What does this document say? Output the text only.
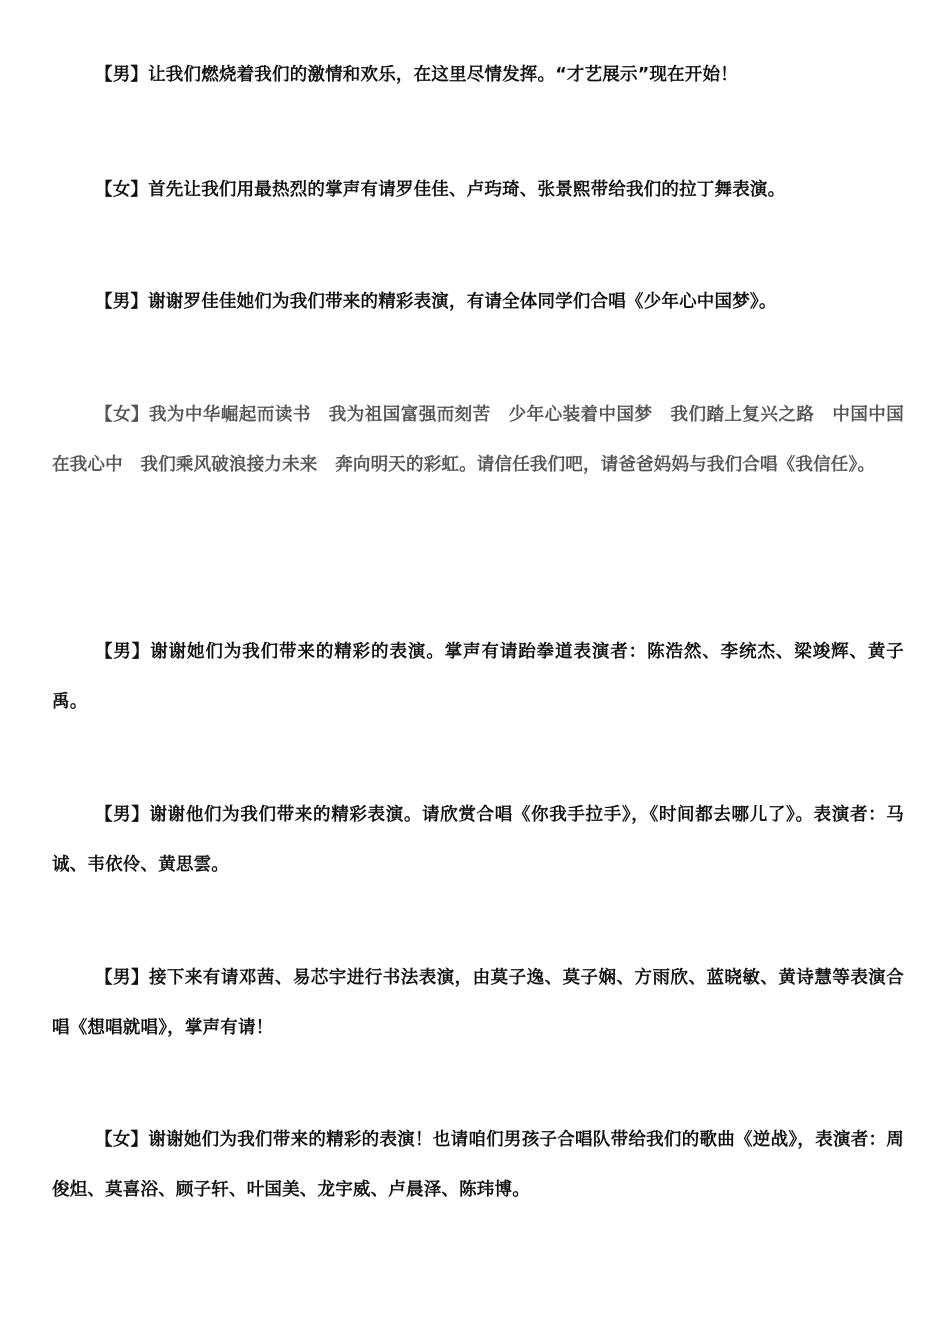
【男】让我们燃烧着我们的激情和欢乐，在这里尽情发挥。“才艺展示”现在开始！

【女】首先让我们用最热烈的掌声有请罗佳佳、卢玙琦、张景熙带给我们的拉丁舞表演。

【男】谢谢罗佳佳她们为我们带来的精彩表演，有请全体同学们合唱《少年心中国梦》。

【女】我为中华崛起而读书　我为祖国富强而刻苦　少年心装着中国梦　我们踏上复兴之路　中国中国在我心中　我们乘风破浪接力未来　奔向明天的彩虹。请信任我们吧，请爸爸妈妈与我们合唱《我信任》。

【男】谢谢她们为我们带来的精彩的表演。掌声有请跆拳道表演者：陈浩然、李统杰、梁竣辉、黄子禹。

【男】谢谢他们为我们带来的精彩表演。请欣赏合唱《你我手拉手》，《时间都去哪儿了》。表演者：马诚、韦依伶、黄思雲。

【男】接下来有请邓茜、易芯宇进行书法表演，由莫子逸、莫子娴、方雨欣、蓝晓敏、黄诗慧等表演合唱《想唱就唱》，掌声有请！

【女】谢谢她们为我们带来的精彩的表演！也请咱们男孩子合唱队带给我们的歌曲《逆战》，表演者：周俊炟、莫喜浴、顾子轩、叶国美、龙宇威、卢晨泽、陈玮博。
